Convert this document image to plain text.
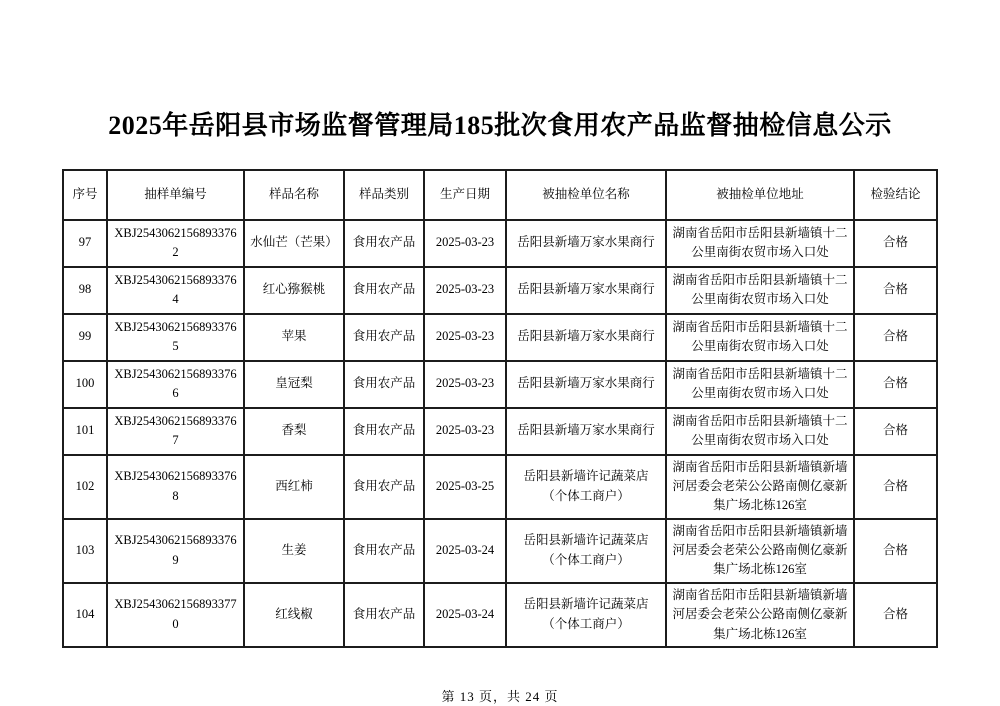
2025年岳阳县市场监督管理局185批次食用农产品监督抽检信息公示
序号	抽样单编号	样品名称	样品类别	生产日期	被抽检单位名称	被抽检单位地址	检验结论
97	XBJ25430621568933762	水仙芒（芒果）	食用农产品	2025-03-23	岳阳县新墙万家水果商行	湖南省岳阳市岳阳县新墙镇十二公里南街农贸市场入口处	合格
98	XBJ25430621568933764	红心猕猴桃	食用农产品	2025-03-23	岳阳县新墙万家水果商行	湖南省岳阳市岳阳县新墙镇十二公里南街农贸市场入口处	合格
99	XBJ25430621568933765	苹果	食用农产品	2025-03-23	岳阳县新墙万家水果商行	湖南省岳阳市岳阳县新墙镇十二公里南街农贸市场入口处	合格
100	XBJ25430621568933766	皇冠梨	食用农产品	2025-03-23	岳阳县新墙万家水果商行	湖南省岳阳市岳阳县新墙镇十二公里南街农贸市场入口处	合格
101	XBJ25430621568933767	香梨	食用农产品	2025-03-23	岳阳县新墙万家水果商行	湖南省岳阳市岳阳县新墙镇十二公里南街农贸市场入口处	合格
102	XBJ25430621568933768	西红柿	食用农产品	2025-03-25	岳阳县新墙许记蔬菜店（个体工商户）	湖南省岳阳市岳阳县新墙镇新墙河居委会老荣公公路南侧亿豪新集广场北栋126室	合格
103	XBJ25430621568933769	生姜	食用农产品	2025-03-24	岳阳县新墙许记蔬菜店（个体工商户）	湖南省岳阳市岳阳县新墙镇新墙河居委会老荣公公路南侧亿豪新集广场北栋126室	合格
104	XBJ25430621568933770	红线椒	食用农产品	2025-03-24	岳阳县新墙许记蔬菜店（个体工商户）	湖南省岳阳市岳阳县新墙镇新墙河居委会老荣公公路南侧亿豪新集广场北栋126室	合格
第 13 页，共 24 页
